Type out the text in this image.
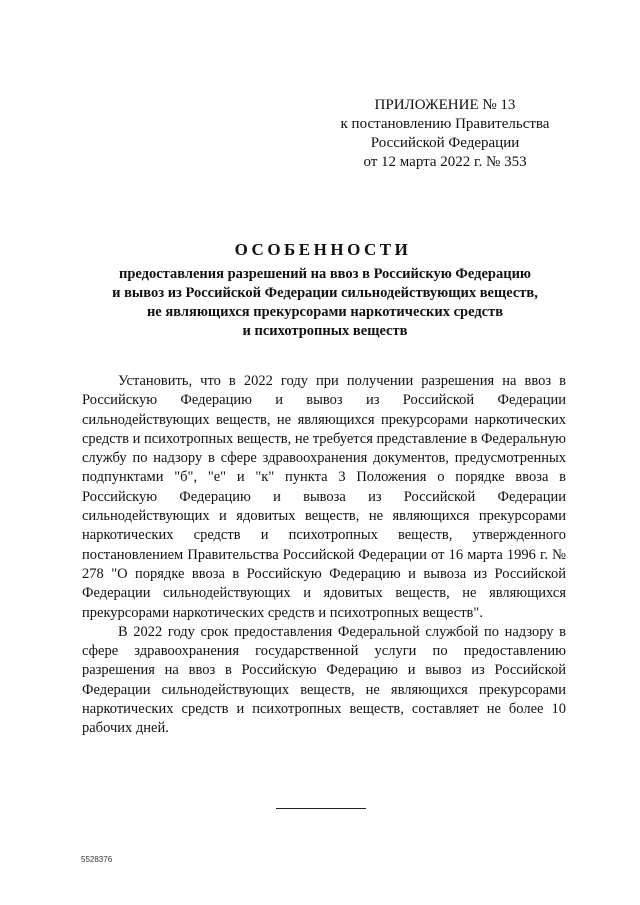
ПРИЛОЖЕНИЕ № 13
к постановлению Правительства
Российской Федерации
от 12 марта 2022 г. № 353
ОСОБЕННОСТИ
предоставления разрешений на ввоз в Российскую Федерацию
и вывоз из Российской Федерации сильнодействующих веществ,
не являющихся прекурсорами наркотических средств
и психотропных веществ

Установить, что в 2022 году при получении разрешения на ввоз в Российскую Федерацию и вывоз из Российской Федерации сильнодействующих веществ, не являющихся прекурсорами наркотических средств и психотропных веществ, не требуется представление в Федеральную службу по надзору в сфере здравоохранения документов, предусмотренных подпунктами "б", "е" и "к" пункта 3 Положения о порядке ввоза в Российскую Федерацию и вывоза из Российской Федерации сильнодействующих и ядовитых веществ, не являющихся прекурсорами наркотических средств и психотропных веществ, утвержденного постановлением Правительства Российской Федерации от 16 марта 1996 г. № 278 "О порядке ввоза в Российскую Федерацию и вывоза из Российской Федерации сильнодействующих и ядовитых веществ, не являющихся прекурсорами наркотических средств и психотропных веществ".

В 2022 году срок предоставления Федеральной службой по надзору в сфере здравоохранения государственной услуги по предоставлению разрешения на ввоз в Российскую Федерацию и вывоз из Российской Федерации сильнодействующих веществ, не являющихся прекурсорами наркотических средств и психотропных веществ, составляет не более 10 рабочих дней.

5528376
